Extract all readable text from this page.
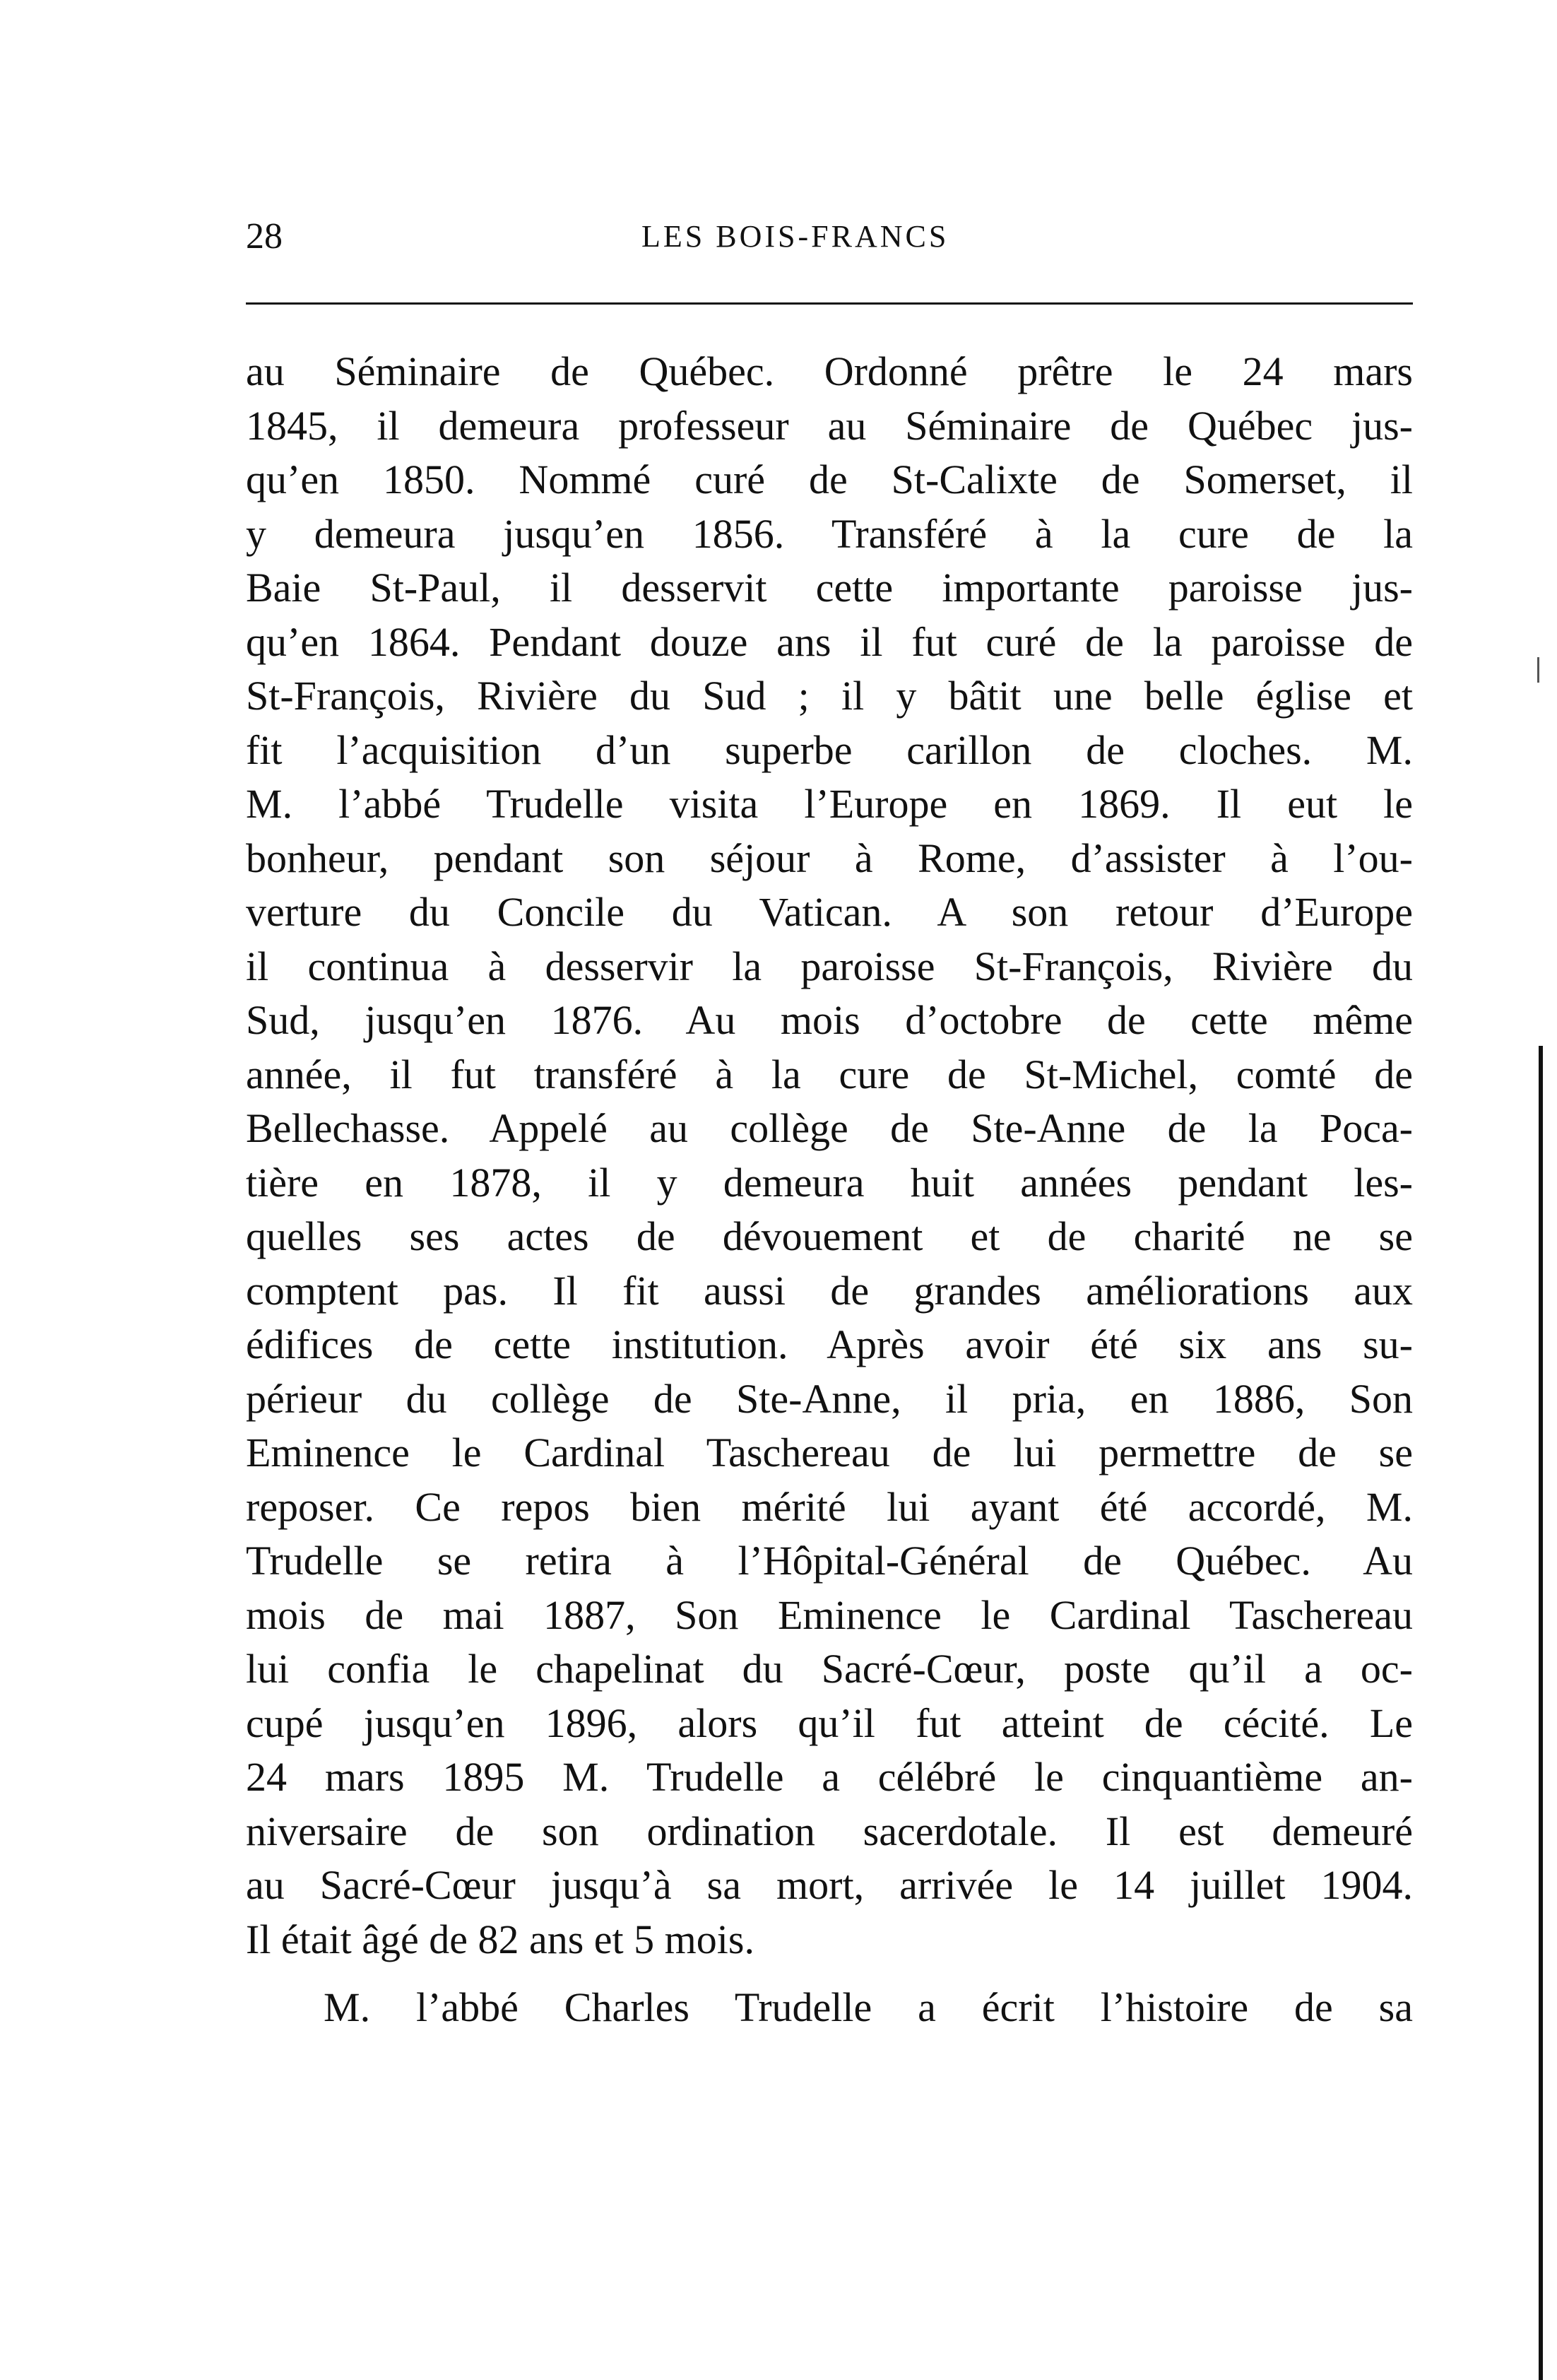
28	LES BOIS-FRANCS
au Séminaire de Québec. Ordonné prêtre le 24 mars
1845, il demeura professeur au Séminaire de Québec jus-
qu’en 1850. Nommé curé de St-Calixte de Somerset, il
y demeura jusqu’en 1856. Transféré à la cure de la
Baie St-Paul, il desservit cette importante paroisse jus-
qu’en 1864. Pendant douze ans il fut curé de la paroisse de
St-François, Rivière du Sud ; il y bâtit une belle église et
fit l’acquisition d’un superbe carillon de cloches. M.
M. l’abbé Trudelle visita l’Europe en 1869. Il eut le
bonheur, pendant son séjour à Rome, d’assister à l’ou-
verture du Concile du Vatican. A son retour d’Europe
il continua à desservir la paroisse St-François, Rivière du
Sud, jusqu’en 1876. Au mois d’octobre de cette même
année, il fut transféré à la cure de St-Michel, comté de
Bellechasse. Appelé au collège de Ste-Anne de la Poca-
tière en 1878, il y demeura huit années pendant les-
quelles ses actes de dévouement et de charité ne se
comptent pas. Il fit aussi de grandes améliorations aux
édifices de cette institution. Après avoir été six ans su-
périeur du collège de Ste-Anne, il pria, en 1886, Son
Eminence le Cardinal Taschereau de lui permettre de se
reposer. Ce repos bien mérité lui ayant été accordé, M.
Trudelle se retira à l’Hôpital-Général de Québec. Au
mois de mai 1887, Son Eminence le Cardinal Taschereau
lui confia le chapelinat du Sacré-Cœur, poste qu’il a oc-
cupé jusqu’en 1896, alors qu’il fut atteint de cécité. Le
24 mars 1895 M. Trudelle a célébré le cinquantième an-
niversaire de son ordination sacerdotale. Il est demeuré
au Sacré-Cœur jusqu’à sa mort, arrivée le 14 juillet 1904.
Il était âgé de 82 ans et 5 mois.
M. l’abbé Charles Trudelle a écrit l’histoire de sa
